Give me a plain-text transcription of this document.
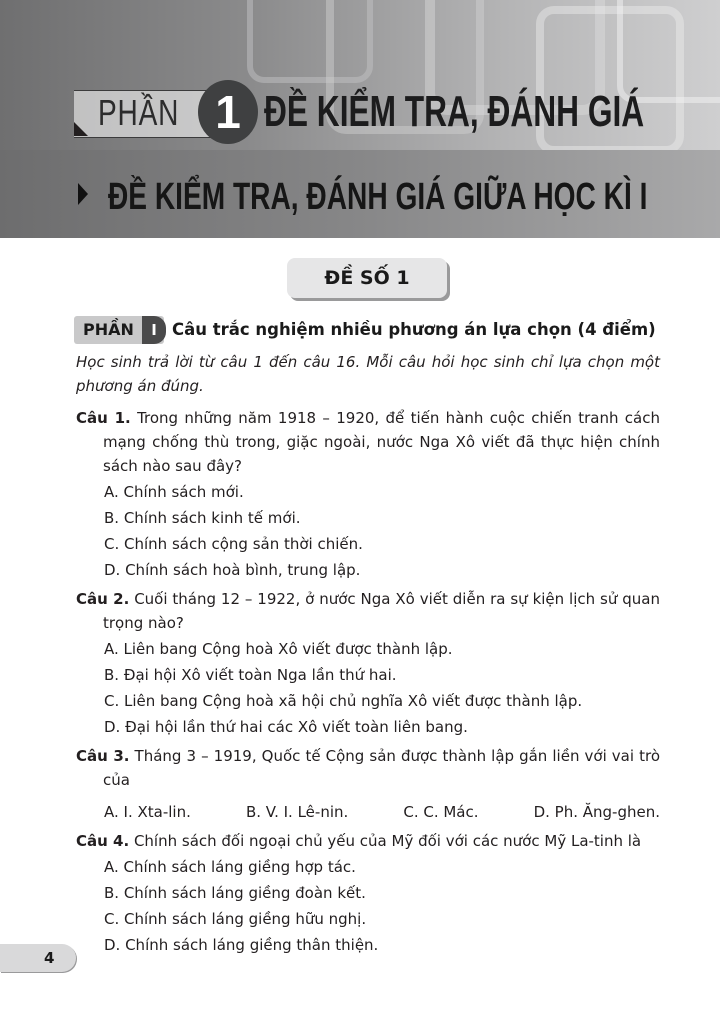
PHẦN 1 ĐỀ KIỂM TRA, ĐÁNH GIÁ
ĐỀ KIỂM TRA, ĐÁNH GIÁ GIỮA HỌC KÌ I
ĐỀ SỐ 1
PHẦN	I Câu trắc nghiệm nhiều phương án lựa chọn (4 điểm)

Học sinh trả lời từ câu 1 đến câu 16. Mỗi câu hỏi học sinh chỉ lựa chọn một phương án đúng.

Câu 1. Trong những năm 1918 – 1920, để tiến hành cuộc chiến tranh cách mạng chống thù trong, giặc ngoài, nước Nga Xô viết đã thực hiện chính sách nào sau đây?
A. Chính sách mới.
B. Chính sách kinh tế mới.
C. Chính sách cộng sản thời chiến.
D. Chính sách hoà bình, trung lập.
Câu 2. Cuối tháng 12 – 1922, ở nước Nga Xô viết diễn ra sự kiện lịch sử quan trọng nào?
A. Liên bang Cộng hoà Xô viết được thành lập.
B. Đại hội Xô viết toàn Nga lần thứ hai.
C. Liên bang Cộng hoà xã hội chủ nghĩa Xô viết được thành lập.
D. Đại hội lần thứ hai các Xô viết toàn liên bang.
Câu 3. Tháng 3 – 1919, Quốc tế Cộng sản được thành lập gắn liền với vai trò của
A. I. Xta-lin.	B. V. I. Lê-nin.	C. C. Mác.	D. Ph. Ăng-ghen.
Câu 4. Chính sách đối ngoại chủ yếu của Mỹ đối với các nước Mỹ La-tinh là
A. Chính sách láng giềng hợp tác.
B. Chính sách láng giềng đoàn kết.
C. Chính sách láng giềng hữu nghị.
D. Chính sách láng giềng thân thiện.
4
